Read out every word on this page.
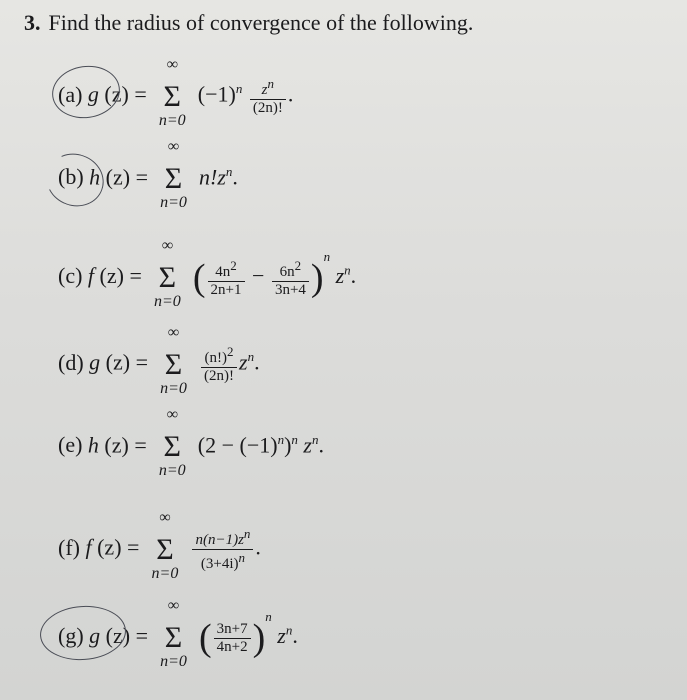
3. Find the radius of convergence of the following.
(a) g (z) =
∞
Σ
n=0
$(-1)^n \frac{z^n}{(2n)!}$ .
(b) h (z) =
∞
Σ
n=0
$n!z^n$.
(c) f (z) =
∞
Σ
n=0
( $\frac{4n^2}{2n+1} - \frac{6n^2}{3n+4} )^n$ $z^n$.
(d) g (z) =
∞
Σ
n=0

$\frac{(n!)^2}{(2n)!} z^n$.
(e) h (z) =
∞
Σ
n=0
$(2 - (-1)^n)^n$ $z^n$.
(f) f (z) =
∞
Σ
n=0
$\frac{n(n-1)z^n}{(3+4i)^n}$ .
(g) g (z) =
∞
Σ
n=0
( $\frac{3n+7}{4n+2} )^n$ $z^n$.
